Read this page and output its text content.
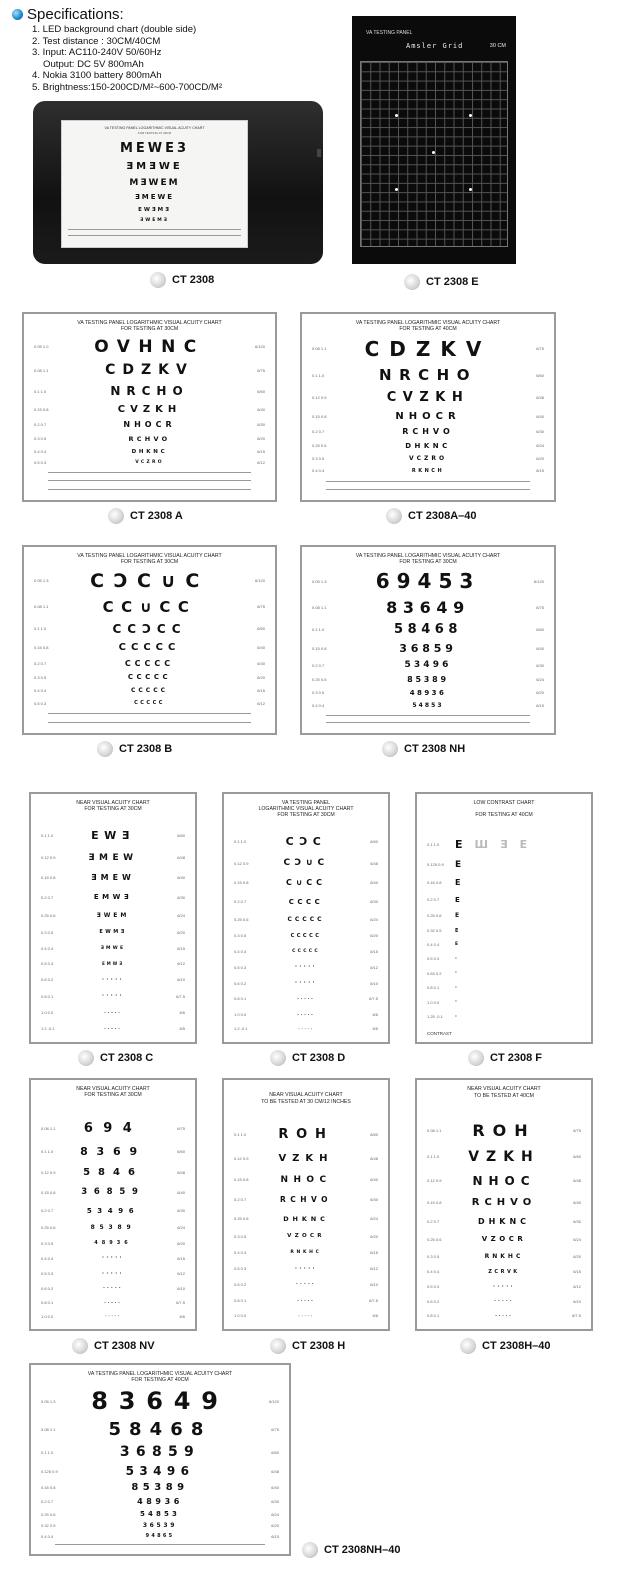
Specifications:
1. LED background chart (double side)
2. Test distance : 30CM/40CM
3. Input: AC110-240V 50/60Hz
Output: DC 5V 800mAh
4. Nokia 3100 battery 800mAh
5. Brightness:150-200CD/M²~600-700CD/M²
VA TESTING PANEL LOGARITHMIC VISUAL ACUITY CHART
FOR TESTING AT 30CM
MEWE3
ƎMƎWE
MƎWEM
ƎMEWE
EWƎMƎ
ƎWEMƎ
VA TESTING PANEL
Amsler Grid	30 CM
CT 2308	CT 2308 E
VA TESTING PANEL LOGARITHMIC VISUAL ACUITY CHART
FOR TESTING AT 30CM
0.05 1.0	OVHNC	6/120
0.08 1.1	CDZKV	6/75
0.1 1.0	NRCHO	6/60
0.15 0.8	CVZKH	6/40
0.2 0.7	NHOCR	6/30
0.3 0.5	RCHVO	6/20
0.4 0.4	DHKNC	6/15
0.5 0.3	VCZRO	6/12
VA TESTING PANEL LOGARITHMIC VISUAL ACUITY CHART
FOR TESTING AT 40CM
0.08 1.1 CDZKV	6/75
0.1 1.0	NRCHO	6/60
0.12 0.9	CVZKH	6/48
0.15 0.8	NHOCR	6/40
0.2 0.7	RCHVO	6/30
0.25 0.6	DHKNC	6/24
0.3 0.5	VCZRO	6/20
0.4 0.4	RKNCH	6/15
CT 2308 A	CT 2308A–40
VA TESTING PANEL LOGARITHMIC VISUAL ACUITY CHART
FOR TESTING AT 30CM
0.05 1.3 CↃC∪C	6/120
0.08 1.1	CC∪CC	6/75
0.1 1.0	CCↃCC	6/60
0.15 0.8	CCCCC	6/40
0.2 0.7	CCCCC	6/30
0.3 0.5	CCCCC	6/20
0.4 0.4	CCCCC	6/15
0.5 0.3	CCCCC	6/12
VA TESTING PANEL LOGARITHMIC VISUAL ACUITY CHART
FOR TESTING AT 30CM
0.05 1.3 69453	6/120
0.08 1.1	83649	6/75
0.1 1.0	58468	6/60
0.15 0.8	36859	6/40
0.2 0.7	53496	6/30
0.25 0.6	85389	6/24
0.3 0.5	48936	6/20
0.4 0.4	54853	6/15
CT 2308 B	CT 2308 NH
NEAR VISUAL ACUITY CHART
FOR TESTING AT 30CM
0.1 1.0	EWƎ	6/60
0.12 0.9	ƎMEW	6/48
0.15 0.8	ƎMEW	6/40
0.2 0.7	EMWƎ	6/30
0.25 0.6	ƎWEM	6/24
0.3 0.5	EWMƎ	6/20
0.4 0.4	ƎMWE	6/15
0.5 0.3	EMWƎ	6/12
0.6 0.2	·····	6/10
0.8 0.1	·····	6/7.5
1.0 0.0	·····	6/6
1.2 -0.1	·····	6/5
VA TESTING PANEL
LOGARITHMIC VISUAL ACUITY CHART
FOR TESTING AT 30CM
0.1 1.0	CↃC	6/60
0.12 0.9	CↃ∪C	6/48
0.15 0.8	C∪CC	6/40
0.2 0.7	CCCC	6/30
0.25 0.6	CCCCC	6/24
0.3 0.5	CCCCC	6/20
0.4 0.4	CCCCC	6/15
0.5 0.3	·····	6/12
0.6 0.2	·····	6/10
0.8 0.1	·····	6/7.5
1.0 0.0	·····	6/6
1.2 -0.1	·····	6/5
LOW CONTRAST CHART
FOR TESTING AT 40CM
0.1 1.0 E ШƎЕ
0.125 0.9 E
0.16 0.8 E
0.2 0.7 E
0.25 0.6 E
0.32 0.5	E
0.4 0.4	E
0.5 0.3	·
0.63 0.2	·
0.8 0.1	·
1.0 0.0	·
1.25 -0.1 ·
CONTRAST
CT 2308 C	CT 2308 D	CT 2308 F
NEAR VISUAL ACUITY CHART
FOR TESTING AT 30CM
0.08 1.1 694	6/75
0.1 1.0 8369	6/60
0.12 0.9	5846	6/48
0.15 0.8	36859	6/40
0.2 0.7	53496	6/30
0.25 0.6	85389	6/24
0.3 0.5	48936	6/20
0.4 0.4	·····	6/15
0.5 0.3	·····	6/12
0.6 0.2	·····	6/10
0.8 0.1	·····	6/7.5
1.0 0.0	·····	6/6
NEAR VISUAL ACUITY CHART
TO BE TESTED AT 30 CM/12 INCHES
0.1 1.0 ROH	6/60
0.12 0.9	VZKH	6/48
0.15 0.8	NHOC	6/40
0.2 0.7	RCHVO	6/30
0.25 0.6	DHKNC	6/24
0.3 0.5	VZOCR	6/20
0.4 0.4	RNKHC	6/15
0.5 0.3	·····	6/12
0.6 0.2	·····	6/10
0.8 0.1	·····	6/7.5
1.0 0.0	·····	6/6
NEAR VISUAL ACUITY CHART
TO BE TESTED AT 40CM
0.08 1.1 ROH	6/75
0.1 1.0 VZKH	6/60
0.12 0.9	NHOC	6/48
0.15 0.8	RCHVO	6/40
0.2 0.7	DHKNC	6/30
0.25 0.6	VZOCR	6/24
0.3 0.5	RNKHC	6/20
0.4 0.4	ZCRVK	6/15
0.5 0.3	·····	6/12
0.6 0.2	·····	6/10
0.8 0.1	·····	6/7.5
CT 2308 NV	CT 2308 H	CT 2308H–40
VA TESTING PANEL LOGARITHMIC VISUAL ACUITY CHART
FOR TESTING AT 40CM
0.05 1.3 83649	6/120
0.08 1.1	58468	6/75
0.1 1.0	36859	6/60
0.125 0.9	53496	6/48
0.16 0.8	85389	6/40
0.2 0.7	48936	6/30
0.25 0.6	54853	6/24
0.32 0.5	36539	6/20
0.4 0.4	94865	6/15
CT 2308NH–40
